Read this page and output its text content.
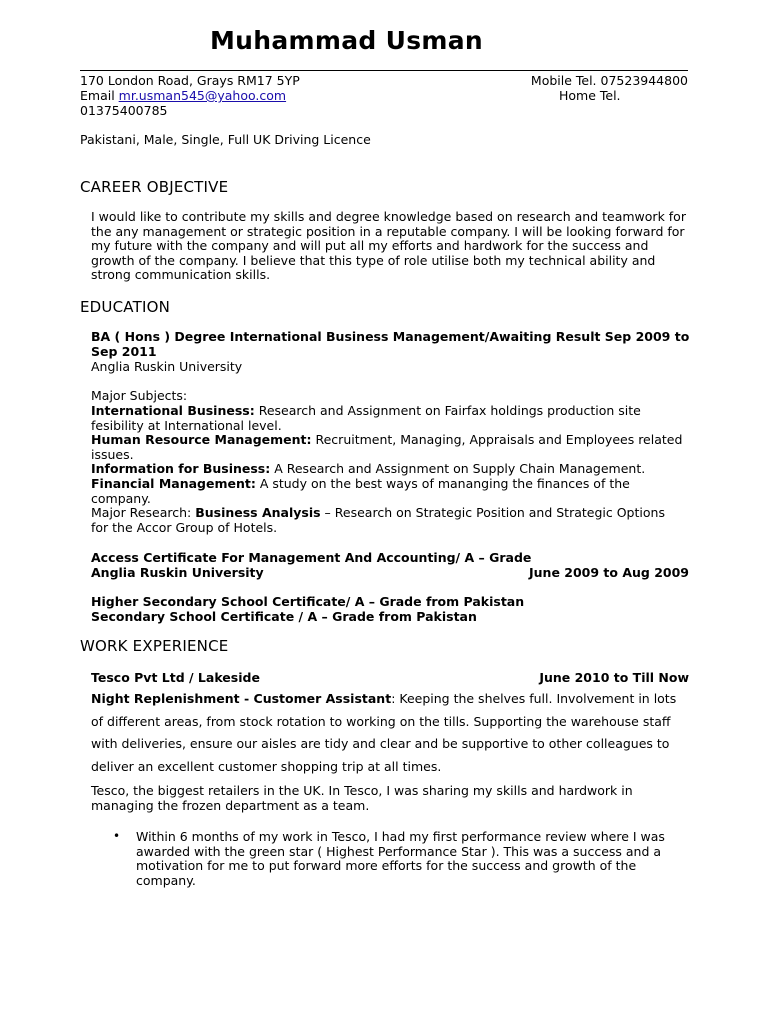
Muhammad Usman
170 London Road, Grays RM17 5YP	Mobile Tel. 07523944800
Email mr.usman545@yahoo.com	Home Tel.
01375400785
Pakistani, Male, Single, Full UK Driving Licence
CAREER OBJECTIVE
I would like to contribute my skills and degree knowledge based on research and teamwork for the any management or strategic position in a reputable company. I will be looking forward for my future with the company and will put all my efforts and hardwork for the success and growth of the company. I believe that this type of role utilise both my technical ability and strong communication skills.
EDUCATION
BA ( Hons ) Degree International Business Management/Awaiting Result Sep 2009 to Sep 2011
Anglia Ruskin University
Major Subjects:
International Business: Research and Assignment on Fairfax holdings production site fesibility at International level.
Human Resource Management: Recruitment, Managing, Appraisals and Employees related issues.
Information for Business: A Research and Assignment on Supply Chain Management.
Financial Management: A study on the best ways of mananging the finances of the company.
Major Research: Business Analysis – Research on Strategic Position and Strategic Options for the Accor Group of Hotels.
Access Certificate For Management And Accounting/ A – Grade
Anglia Ruskin University	June 2009 to Aug 2009
Higher Secondary School Certificate/ A – Grade from Pakistan
Secondary School Certificate / A – Grade from Pakistan
WORK EXPERIENCE
Tesco Pvt Ltd / Lakeside	June 2010 to Till Now
Night Replenishment - Customer Assistant: Keeping the shelves full. Involvement in lots of different areas, from stock rotation to working on the tills. Supporting the warehouse staff with deliveries, ensure our aisles are tidy and clear and be supportive to other colleagues to deliver an excellent customer shopping trip at all times.
Tesco, the biggest retailers in the UK. In Tesco, I was sharing my skills and hardwork in managing the frozen department as a team.
• Within 6 months of my work in Tesco, I had my first performance review where I was awarded with the green star ( Highest Performance Star ). This was a success and a motivation for me to put forward more efforts for the success and growth of the company.
